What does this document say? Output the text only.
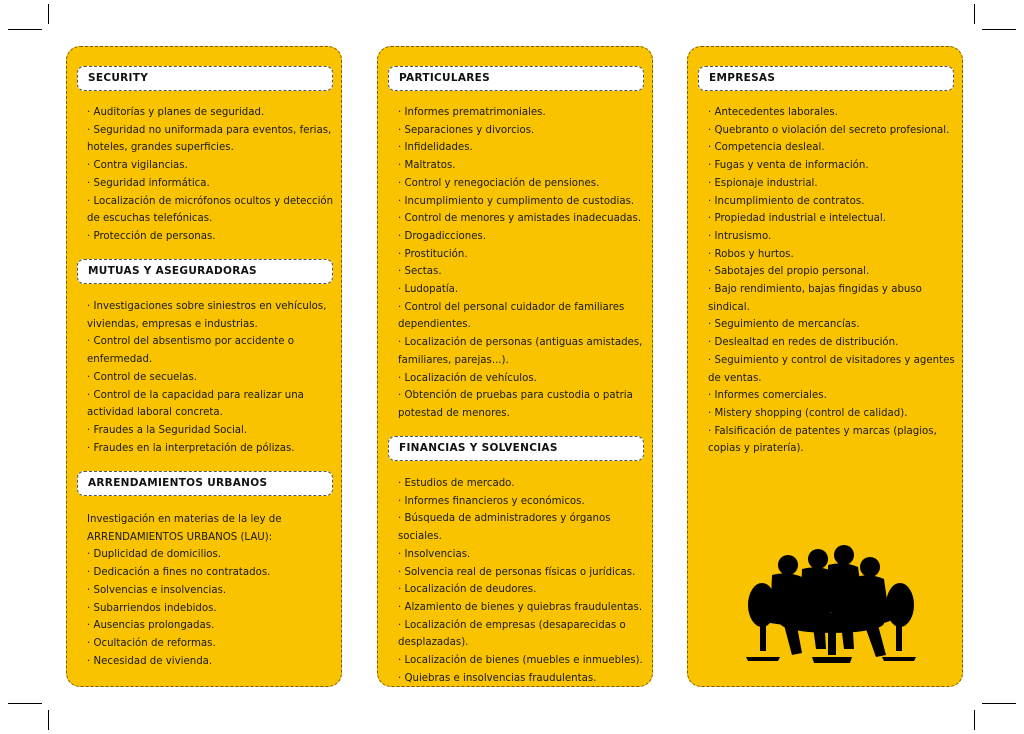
SECURITY
· Auditorías y planes de seguridad.
· Seguridad no uniformada para eventos, ferias, hoteles, grandes superficies.
· Contra vigilancias.
· Seguridad informática.
· Localización de micrófonos ocultos y detección de escuchas telefónicas.
· Protección de personas.
MUTUAS Y ASEGURADORAS
· Investigaciones sobre siniestros en vehículos, viviendas, empresas e industrias.
· Control del absentismo por accidente o enfermedad.
· Control de secuelas.
· Control de la capacidad para realizar una actividad laboral concreta.
· Fraudes a la Seguridad Social.
· Fraudes en la interpretación de pólizas.
ARRENDAMIENTOS URBANOS
Investigación en materias de la ley de ARRENDAMIENTOS URBANOS (LAU):
· Duplicidad de domicilios.
· Dedicación a fines no contratados.
· Solvencias e insolvencias.
· Subarriendos indebidos.
· Ausencias prolongadas.
· Ocultación de reformas.
· Necesidad de vivienda.
PARTICULARES
· Informes prematrimoniales.
· Separaciones y divorcios.
· Infidelidades.
· Maltratos.
· Control y renegociación de pensiones.
· Incumplimiento y cumplimento de custodias.
· Control de menores y amistades inadecuadas.
· Drogadicciones.
· Prostitución.
· Sectas.
· Ludopatía.
· Control del personal cuidador de familiares dependientes.
· Localización de personas (antiguas amistades, familiares, parejas...).
· Localización de vehículos.
· Obtención de pruebas para custodia o patria potestad de menores.
FINANCIAS Y SOLVENCIAS
· Estudios de mercado.
· Informes financieros y económicos.
· Búsqueda de administradores y órganos sociales.
· Insolvencias.
· Solvencia real de personas físicas o jurídicas.
· Localización de deudores.
· Alzamiento de bienes y quiebras fraudulentas.
· Localización de empresas (desaparecidas o desplazadas).
· Localización de bienes (muebles e inmuebles).
· Quiebras e insolvencias fraudulentas.
EMPRESAS
· Antecedentes laborales.
· Quebranto o violación del secreto profesional.
· Competencia desleal.
· Fugas y venta de información.
· Espionaje industrial.
· Incumplimiento de contratos.
· Propiedad industrial e intelectual.
· Intrusismo.
· Robos y hurtos.
· Sabotajes del propio personal.
· Bajo rendimiento, bajas fingidas y abuso sindical.
· Seguimiento de mercancías.
· Deslealtad en redes de distribución.
· Seguimiento y control de visitadores y agentes de ventas.
· Informes comerciales.
· Mistery shopping (control de calidad).
· Falsificación de patentes y marcas (plagios, copias y piratería).
